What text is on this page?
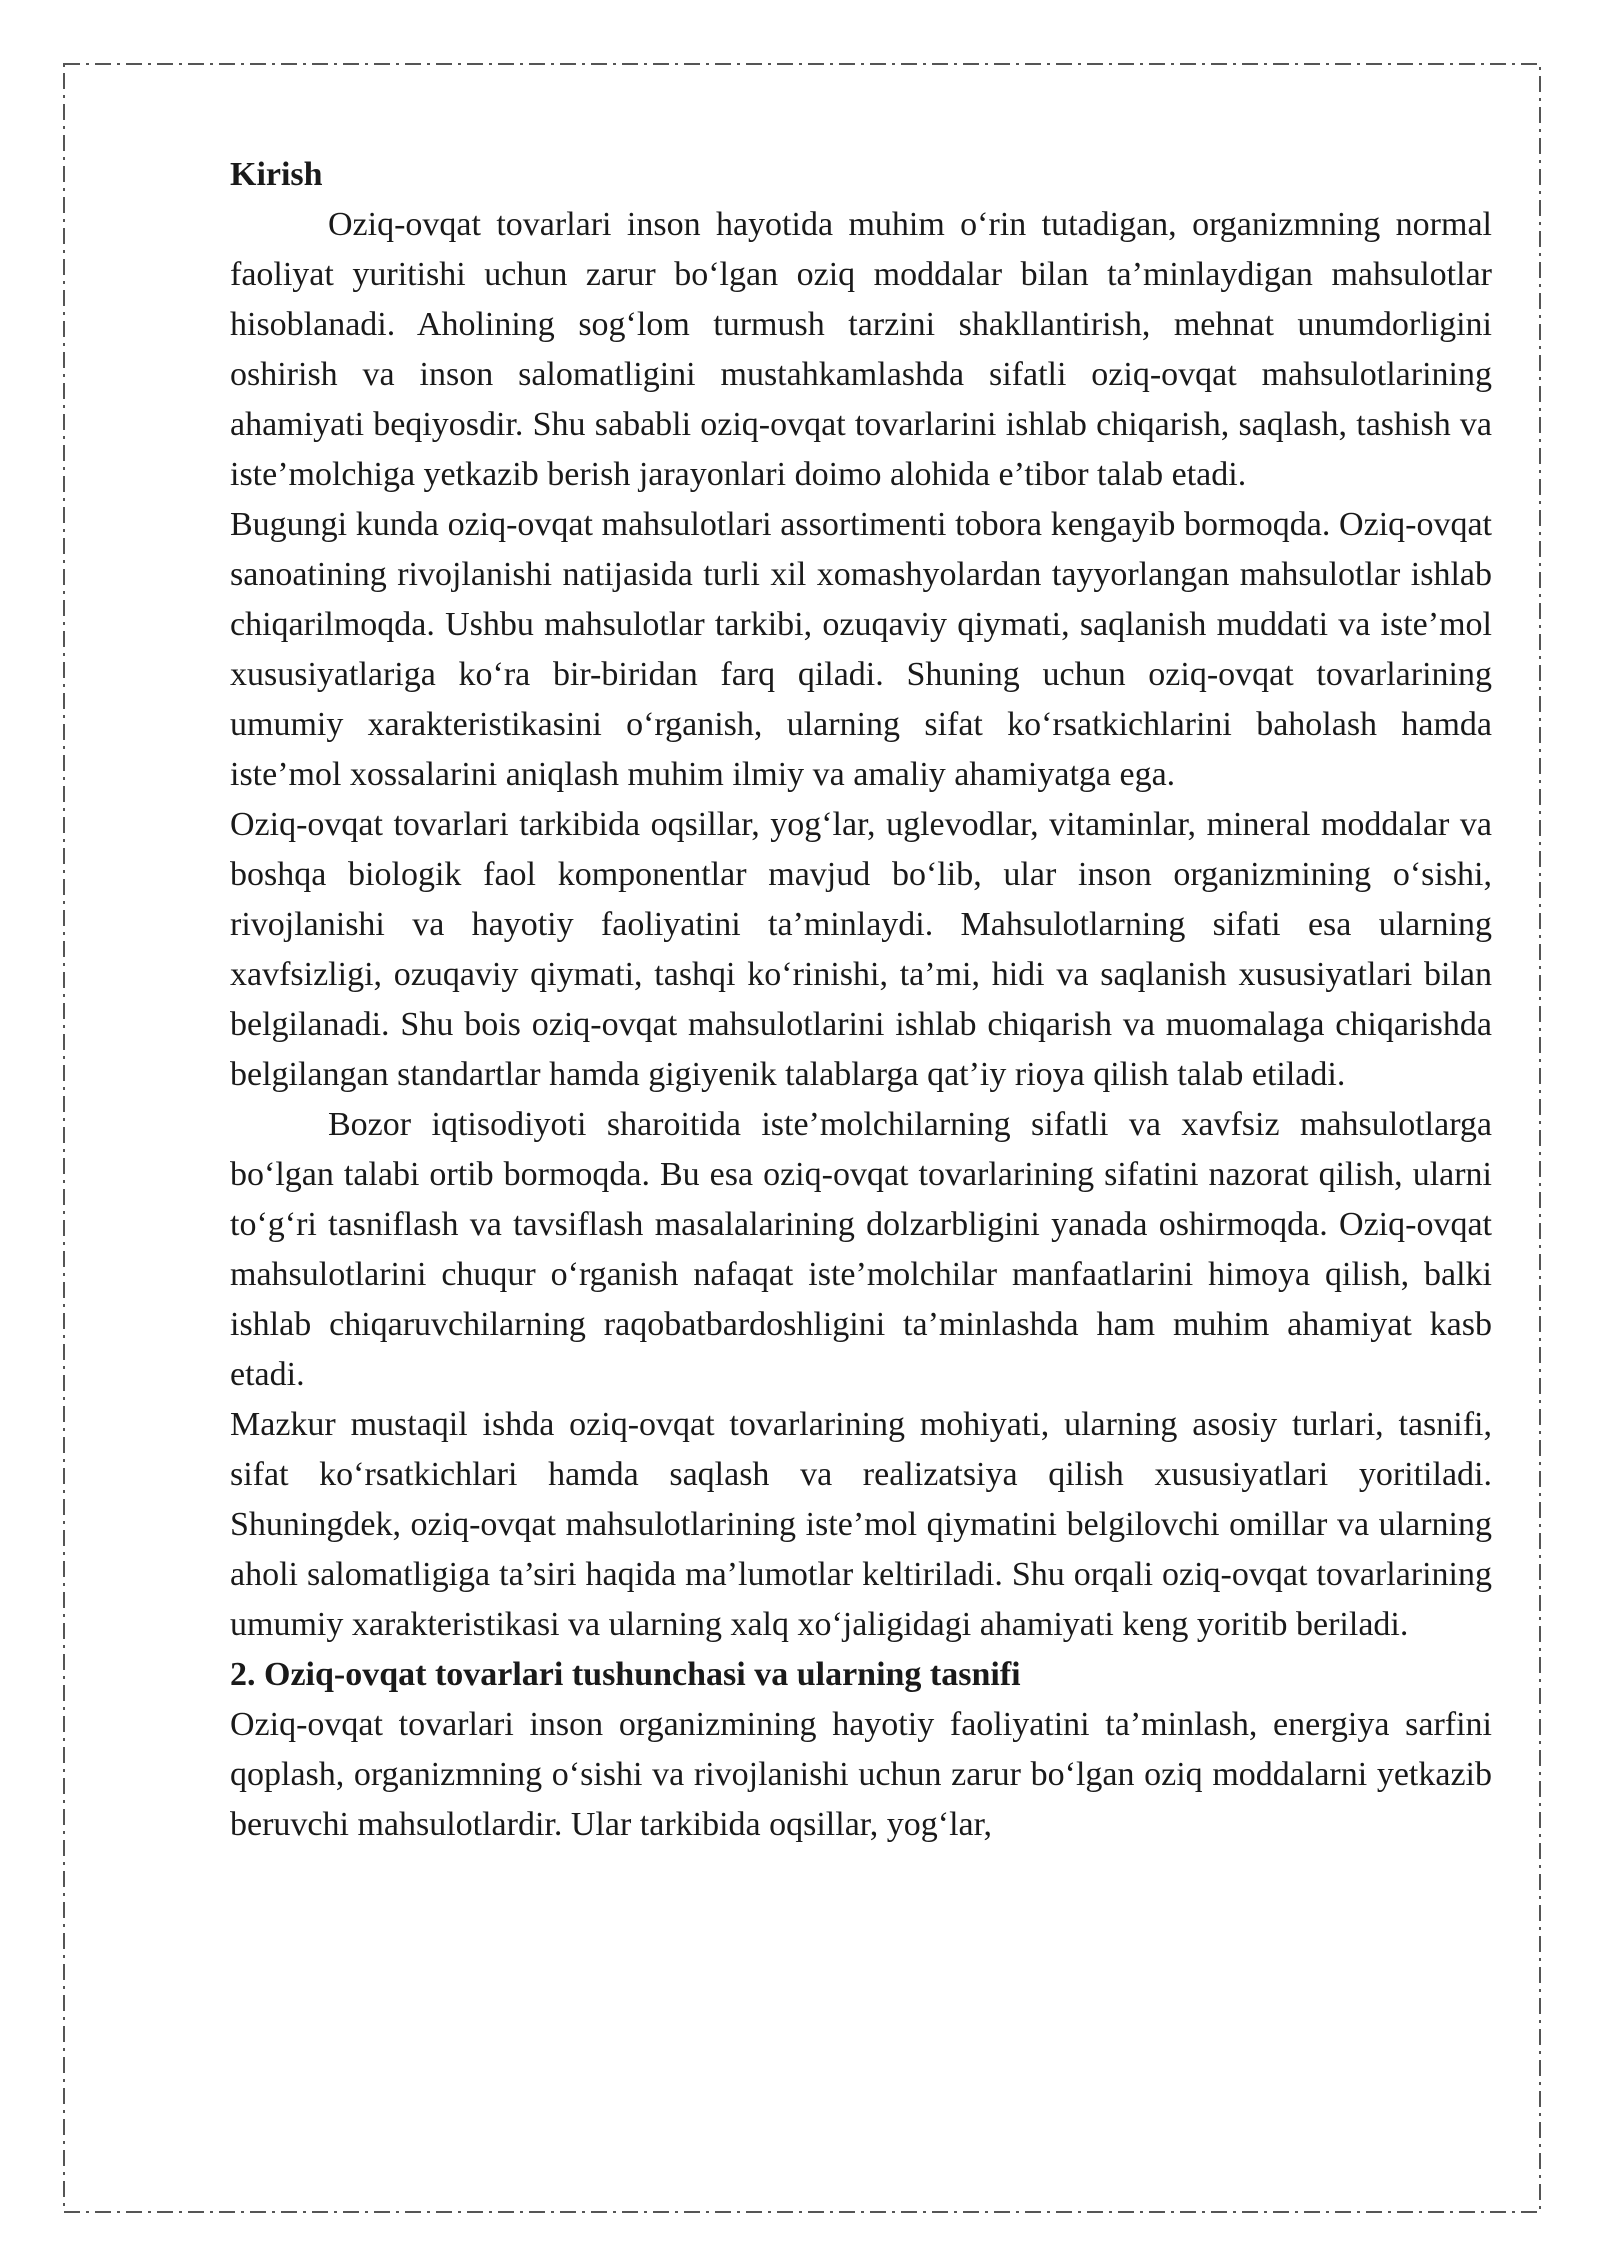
Kirish

Oziq-ovqat tovarlari inson hayotida muhim o‘rin tutadigan, organizmning normal faoliyat yuritishi uchun zarur bo‘lgan oziq moddalar bilan ta’minlaydigan mahsulotlar hisoblanadi. Aholining sog‘lom turmush tarzini shakllantirish, mehnat unumdorligini oshirish va inson salomatligini mustahkamlashda sifatli oziq-ovqat mahsulotlarining ahamiyati beqiyosdir. Shu sababli oziq-ovqat tovarlarini ishlab chiqarish, saqlash, tashish va iste’molchiga yetkazib berish jarayonlari doimo alohida e’tibor talab etadi.

Bugungi kunda oziq-ovqat mahsulotlari assortimenti tobora kengayib bormoqda. Oziq-ovqat sanoatining rivojlanishi natijasida turli xil xomashyolardan tayyorlangan mahsulotlar ishlab chiqarilmoqda. Ushbu mahsulotlar tarkibi, ozuqaviy qiymati, saqlanish muddati va iste’mol xususiyatlariga ko‘ra bir-biridan farq qiladi. Shuning uchun oziq-ovqat tovarlarining umumiy xarakteristikasini o‘rganish, ularning sifat ko‘rsatkichlarini baholash hamda iste’mol xossalarini aniqlash muhim ilmiy va amaliy ahamiyatga ega.

Oziq-ovqat tovarlari tarkibida oqsillar, yog‘lar, uglevodlar, vitaminlar, mineral moddalar va boshqa biologik faol komponentlar mavjud bo‘lib, ular inson organizmining o‘sishi, rivojlanishi va hayotiy faoliyatini ta’minlaydi. Mahsulotlarning sifati esa ularning xavfsizligi, ozuqaviy qiymati, tashqi ko‘rinishi, ta’mi, hidi va saqlanish xususiyatlari bilan belgilanadi. Shu bois oziq-ovqat mahsulotlarini ishlab chiqarish va muomalaga chiqarishda belgilangan standartlar hamda gigiyenik talablarga qat’iy rioya qilish talab etiladi.

Bozor iqtisodiyoti sharoitida iste’molchilarning sifatli va xavfsiz mahsulotlarga bo‘lgan talabi ortib bormoqda. Bu esa oziq-ovqat tovarlarining sifatini nazorat qilish, ularni to‘g‘ri tasniflash va tavsiflash masalalarining dolzarbligini yanada oshirmoqda. Oziq-ovqat mahsulotlarini chuqur o‘rganish nafaqat iste’molchilar manfaatlarini himoya qilish, balki ishlab chiqaruvchilarning raqobatbardoshligini ta’minlashda ham muhim ahamiyat kasb etadi.

Mazkur mustaqil ishda oziq-ovqat tovarlarining mohiyati, ularning asosiy turlari, tasnifi, sifat ko‘rsatkichlari hamda saqlash va realizatsiya qilish xususiyatlari yoritiladi. Shuningdek, oziq-ovqat mahsulotlarining iste’mol qiymatini belgilovchi omillar va ularning aholi salomatligiga ta’siri haqida ma’lumotlar keltiriladi. Shu orqali oziq-ovqat tovarlarining umumiy xarakteristikasi va ularning xalq xo‘jaligidagi ahamiyati keng yoritib beriladi.

2. Oziq-ovqat tovarlari tushunchasi va ularning tasnifi

Oziq-ovqat tovarlari inson organizmining hayotiy faoliyatini ta’minlash, energiya sarfini qoplash, organizmning o‘sishi va rivojlanishi uchun zarur bo‘lgan oziq moddalarni yetkazib beruvchi mahsulotlardir. Ular tarkibida oqsillar, yog‘lar,
